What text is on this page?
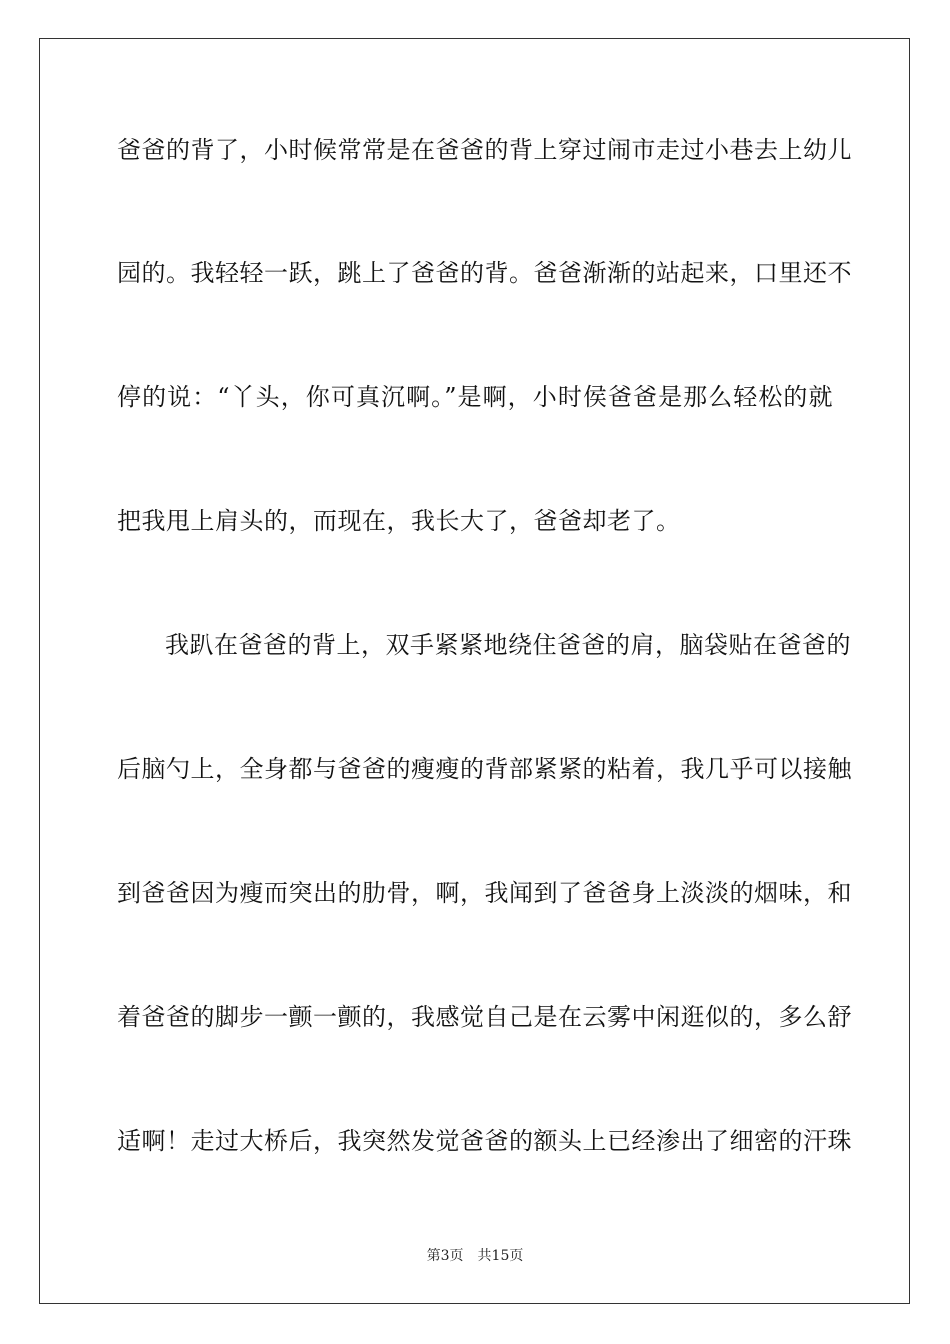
爸爸的背了，小时候常常是在爸爸的背上穿过闹市走过小巷去上幼儿
园的。我轻轻一跃，跳上了爸爸的背。爸爸渐渐的站起来，口里还不
停的说：“丫头，你可真沉啊。”是啊，小时侯爸爸是那么轻松的就
把我甩上肩头的，而现在，我长大了，爸爸却老了。
我趴在爸爸的背上，双手紧紧地绕住爸爸的肩，脑袋贴在爸爸的
后脑勺上，全身都与爸爸的瘦瘦的背部紧紧的粘着，我几乎可以接触
到爸爸因为瘦而突出的肋骨，啊，我闻到了爸爸身上淡淡的烟味，和
着爸爸的脚步一颤一颤的，我感觉自己是在云雾中闲逛似的，多么舒
适啊！走过大桥后，我突然发觉爸爸的额头上已经渗出了细密的汗珠
第3页 共15页
